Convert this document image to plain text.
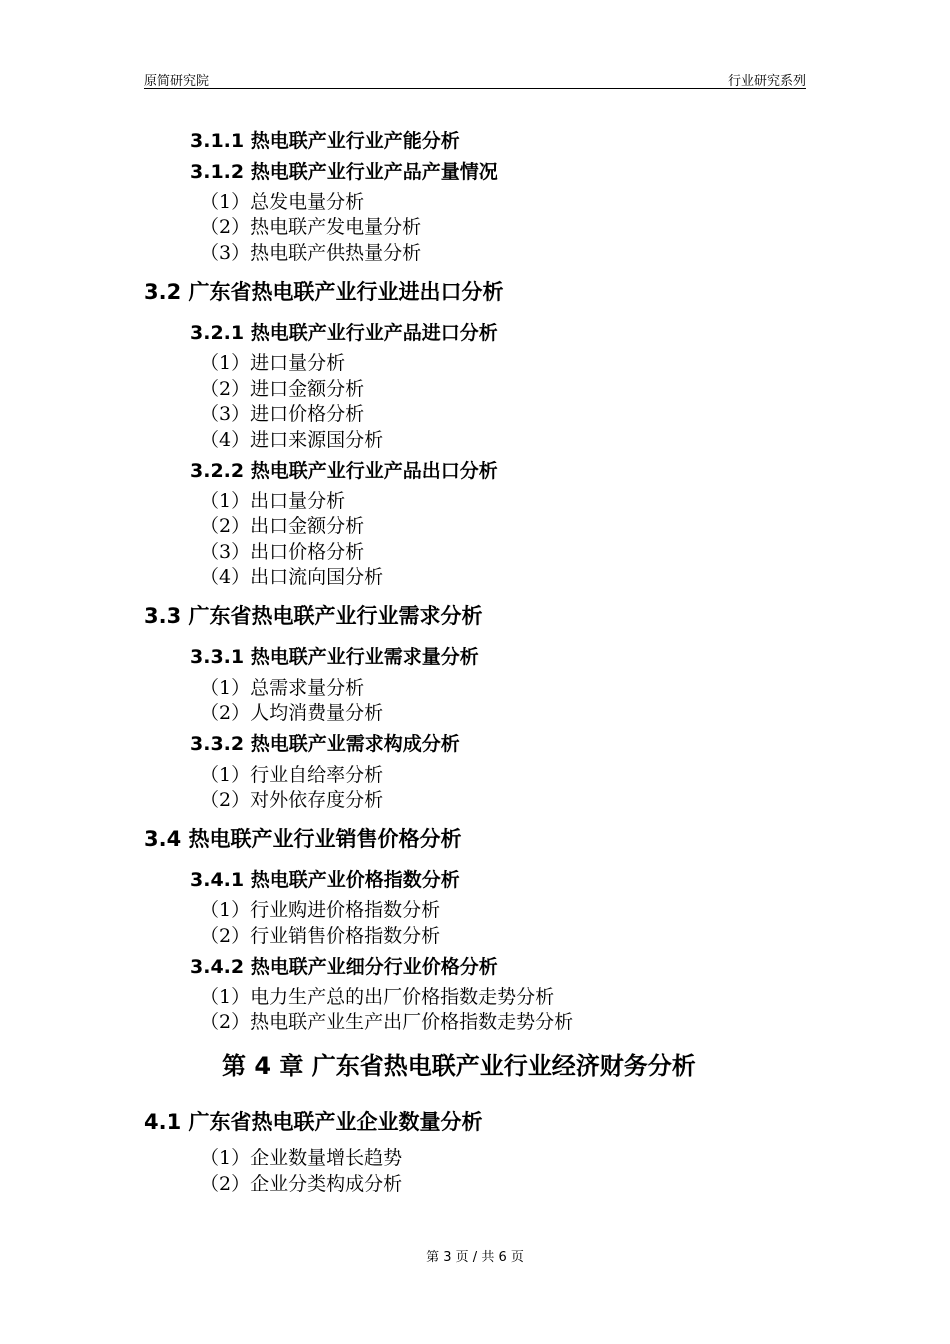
原简研究院	行业研究系列
3.1.1 热电联产业行业产能分析
3.1.2 热电联产业行业产品产量情况
（1）总发电量分析
（2）热电联产发电量分析
（3）热电联产供热量分析
3.2 广东省热电联产业行业进出口分析
3.2.1 热电联产业行业产品进口分析
（1）进口量分析
（2）进口金额分析
（3）进口价格分析
（4）进口来源国分析
3.2.2 热电联产业行业产品出口分析
（1）出口量分析
（2）出口金额分析
（3）出口价格分析
（4）出口流向国分析
3.3 广东省热电联产业行业需求分析
3.3.1 热电联产业行业需求量分析
（1）总需求量分析
（2）人均消费量分析
3.3.2 热电联产业需求构成分析
（1）行业自给率分析
（2）对外依存度分析
3.4 热电联产业行业销售价格分析
3.4.1 热电联产业价格指数分析
（1）行业购进价格指数分析
（2）行业销售价格指数分析
3.4.2 热电联产业细分行业价格分析
（1）电力生产总的出厂价格指数走势分析
（2）热电联产业生产出厂价格指数走势分析
第 4 章 广东省热电联产业行业经济财务分析
4.1 广东省热电联产业企业数量分析
（1）企业数量增长趋势
（2）企业分类构成分析
第 3 页 / 共 6 页
